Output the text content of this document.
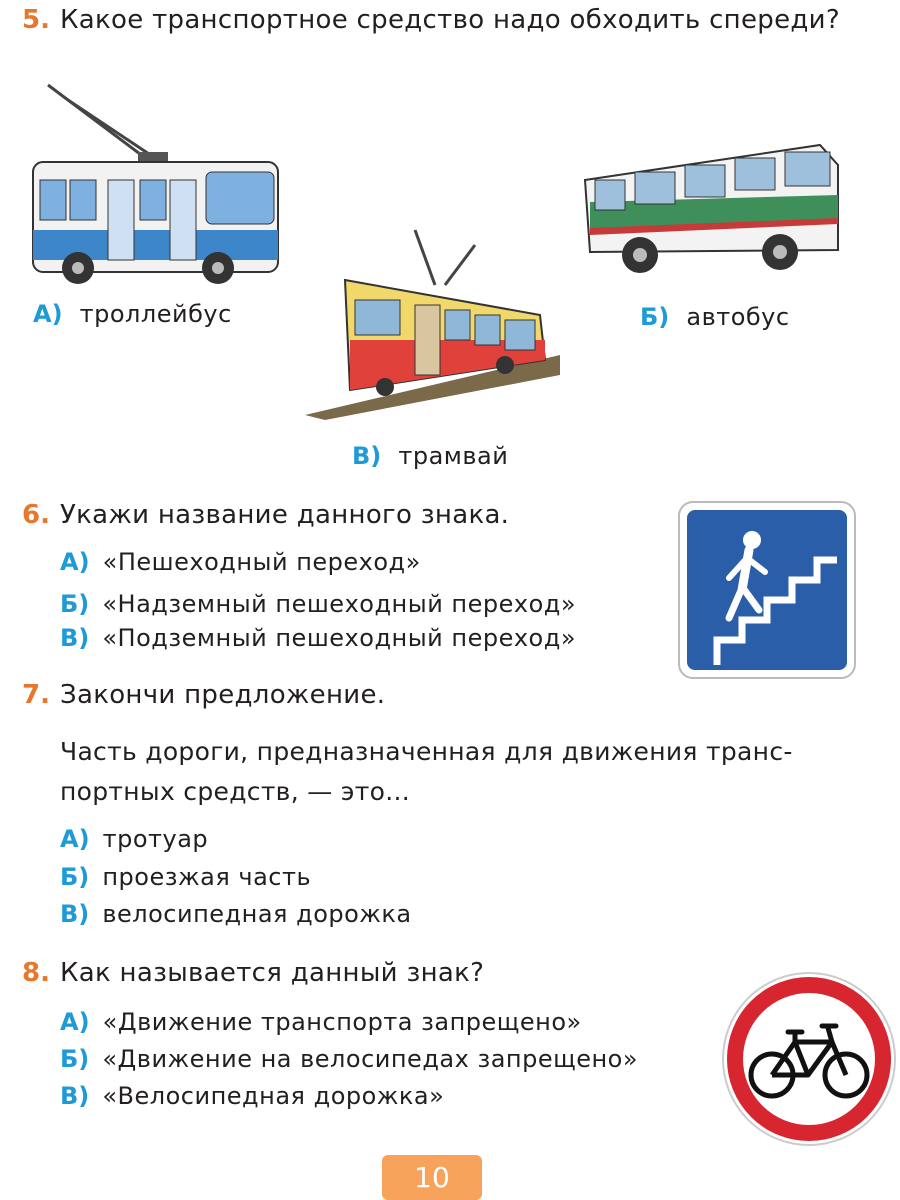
5. Какое транспортное средство надо обходить спереди?
А) троллейбус
В) трамвай
Б) автобус
6. Укажи название данного знака.
А) «Пешеходный переход»
Б) «Надземный пешеходный переход»
В) «Подземный пешеходный переход»
7. Закончи предложение.
Часть дороги, предназначенная для движения транс-
портных средств, — это...
А) тротуар
Б) проезжая часть
В) велосипедная дорожка
8. Как называется данный знак?
А) «Движение транспорта запрещено»
Б) «Движение на велосипедах запрещено»
В) «Велосипедная дорожка»
10
